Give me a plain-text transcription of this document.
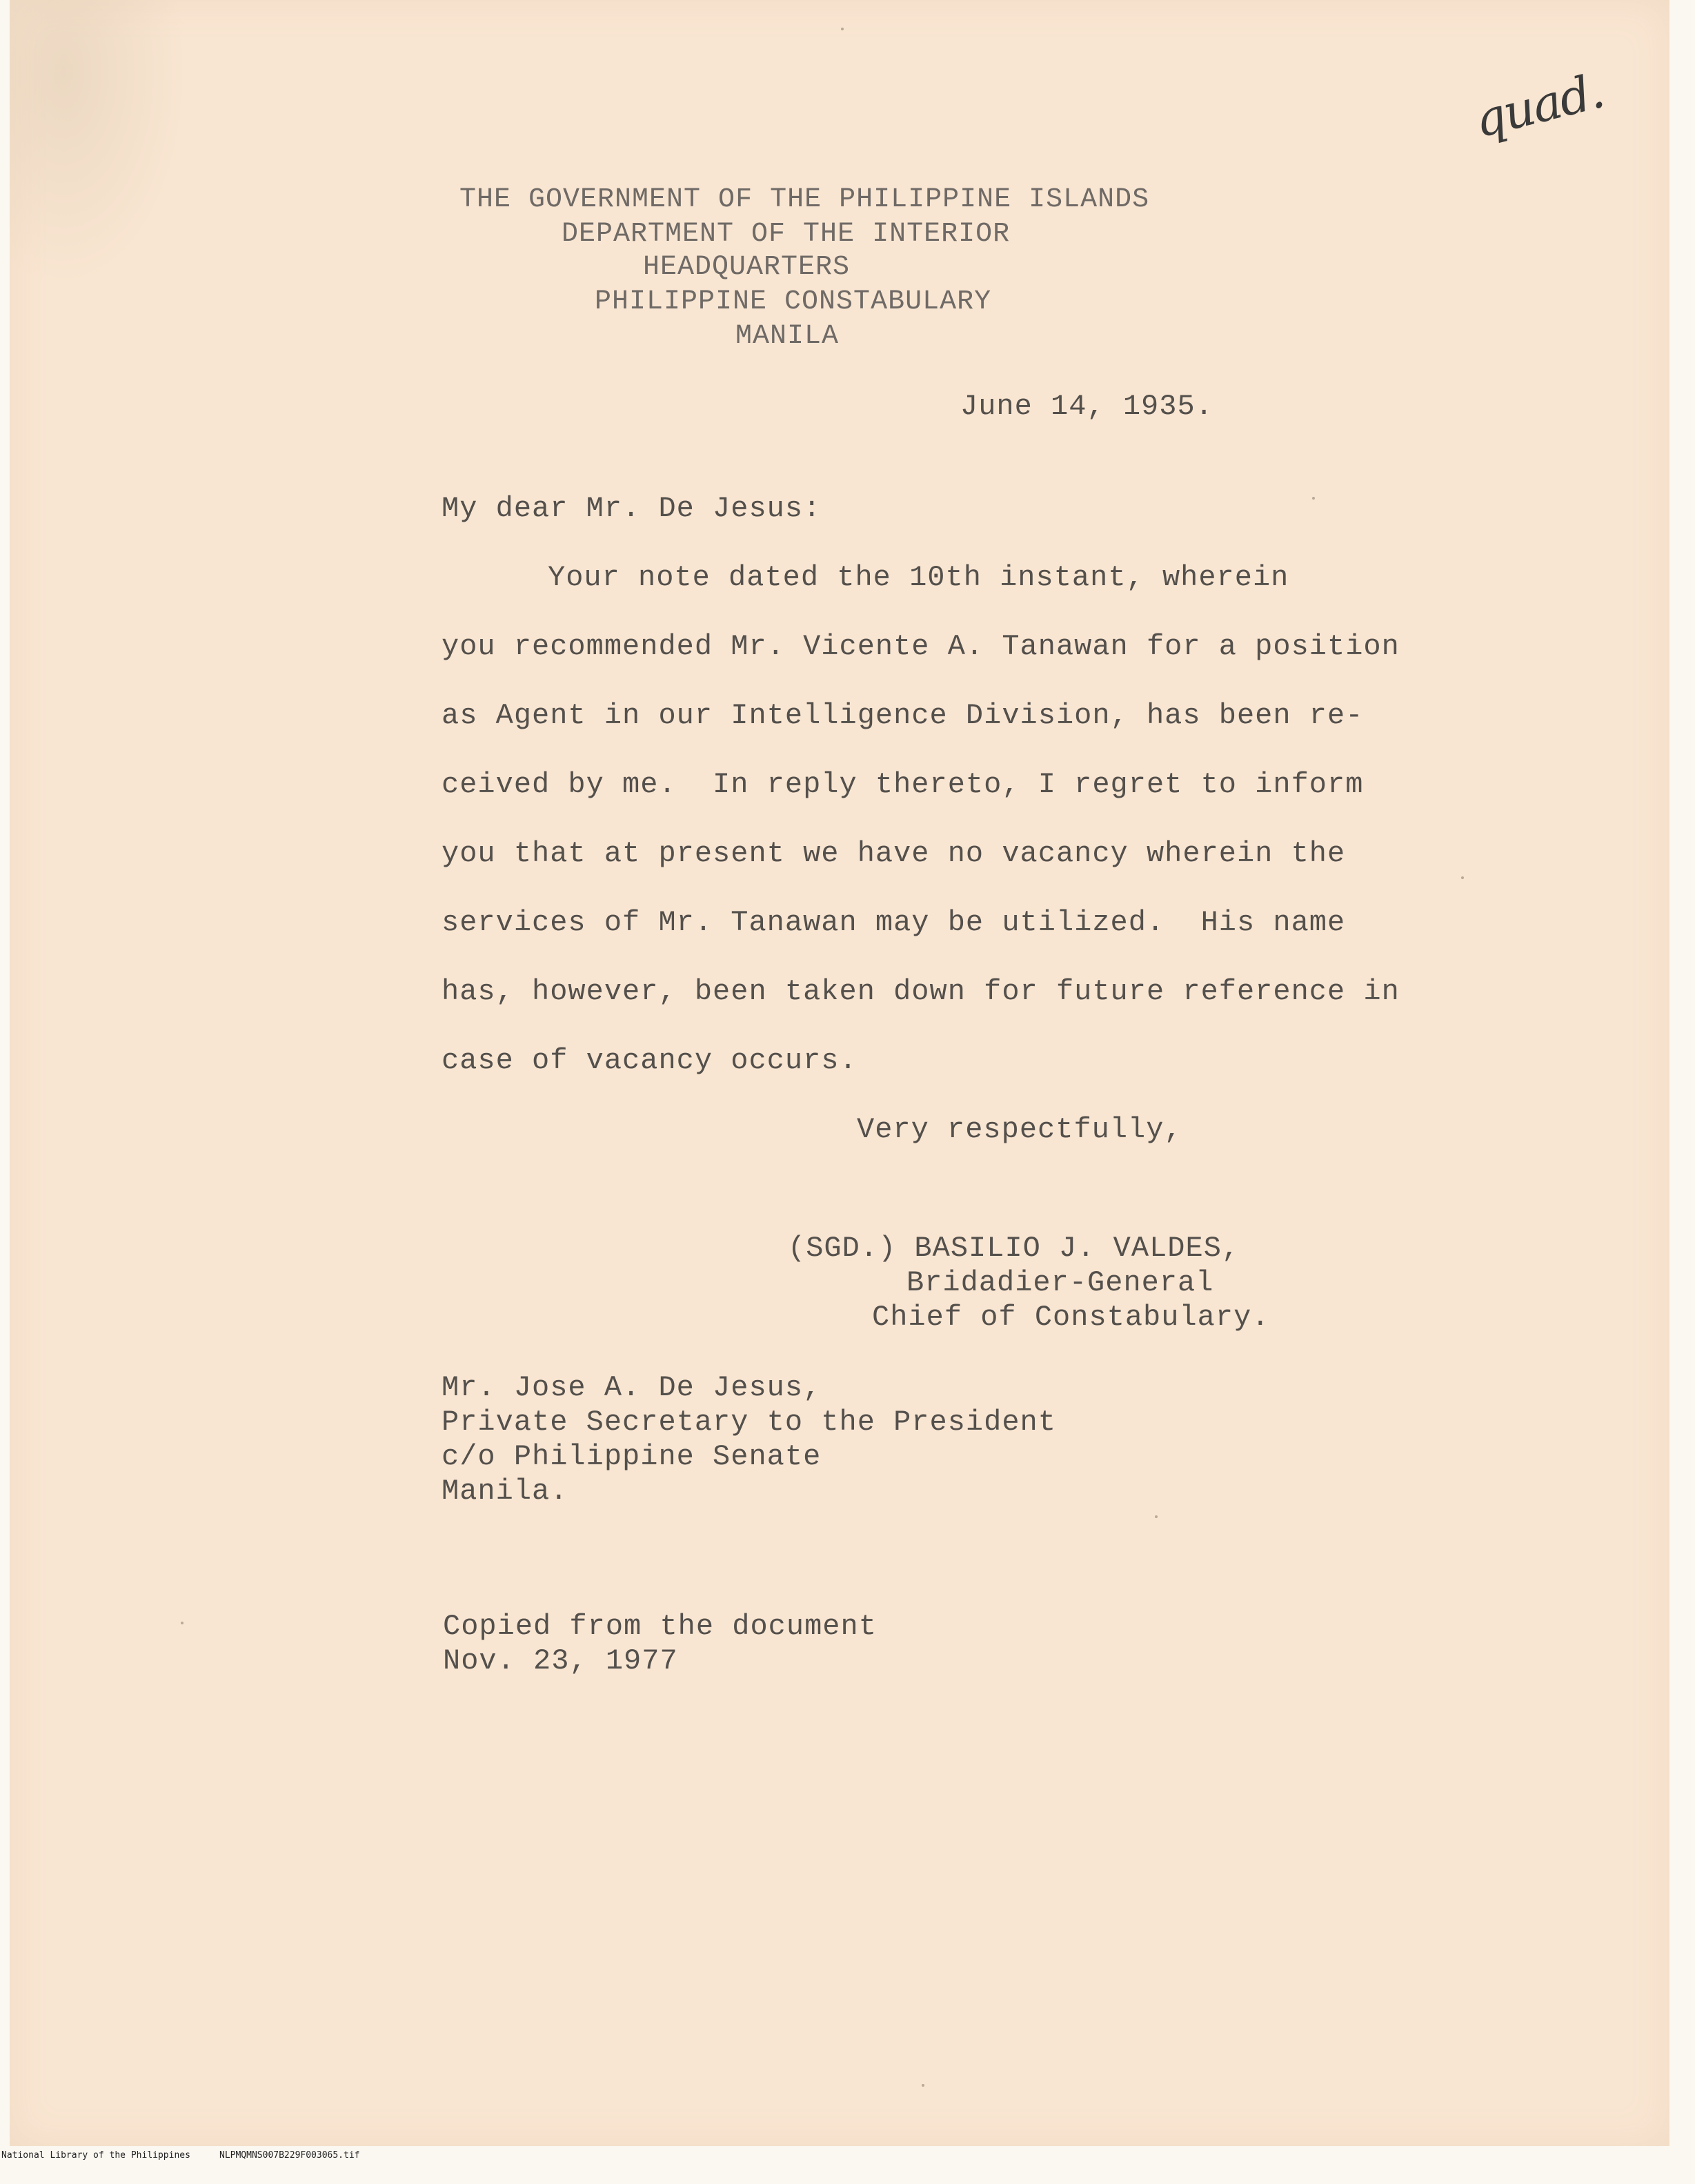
quad.
THE GOVERNMENT OF THE PHILIPPINE ISLANDS
DEPARTMENT OF THE INTERIOR
HEADQUARTERS
PHILIPPINE CONSTABULARY
MANILA
June 14, 1935.
My dear Mr. De Jesus:
Your note dated the 10th instant, wherein
you recommended Mr. Vicente A. Tanawan for a position
as Agent in our Intelligence Division, has been re-
ceived by me.  In reply thereto, I regret to inform
you that at present we have no vacancy wherein the
services of Mr. Tanawan may be utilized.  His name
has, however, been taken down for future reference in
case of vacancy occurs.
Very respectfully,
(SGD.) BASILIO J. VALDES,
Bridadier-General
Chief of Constabulary.
Mr. Jose A. De Jesus,
Private Secretary to the President
c/o Philippine Senate
Manila.
Copied from the document
Nov. 23, 1977
National Library of the Philippines	NLPMQMNS007B229F003065.tif
